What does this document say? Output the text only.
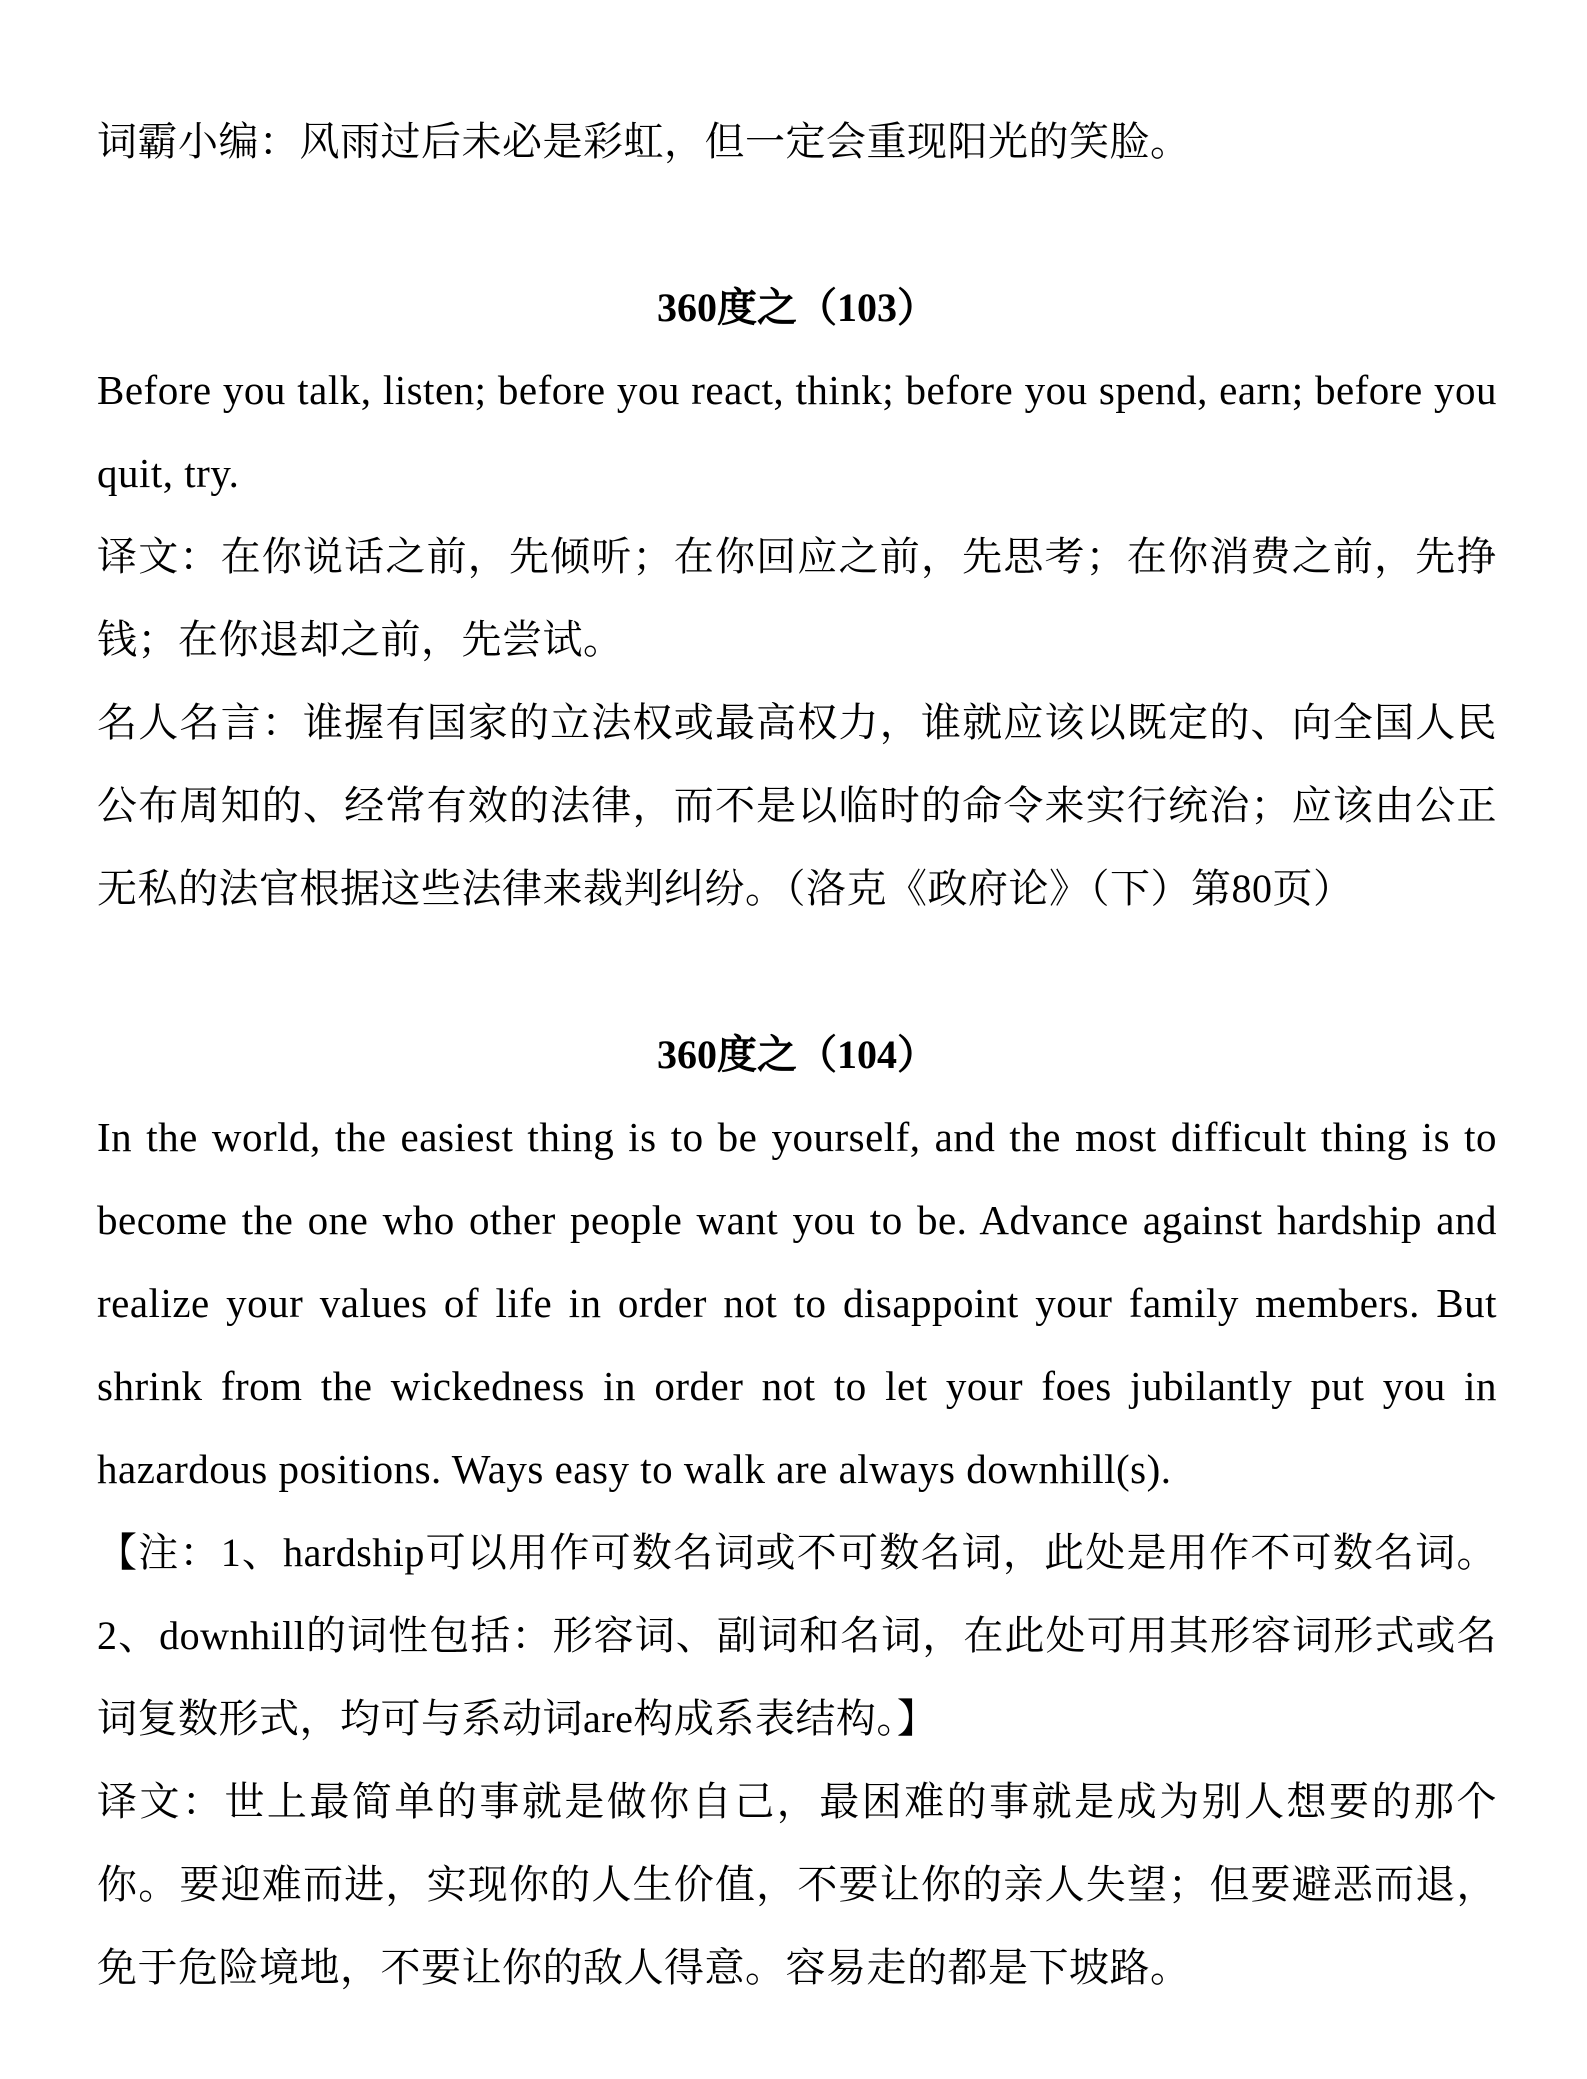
词霸小编：风雨过后未必是彩虹，但一定会重现阳光的笑脸。

360度之（103）

Before you talk, listen; before you react, think; before you spend, earn; before you quit, try.

译文：在你说话之前，先倾听；在你回应之前，先思考；在你消费之前，先挣钱；在你退却之前，先尝试。

名人名言：谁握有国家的立法权或最高权力，谁就应该以既定的、向全国人民公布周知的、经常有效的法律，而不是以临时的命令来实行统治；应该由公正无私的法官根据这些法律来裁判纠纷。（洛克《政府论》（下）第80页）

360度之（104）

In the world, the easiest thing is to be yourself, and the most difficult thing is to become the one who other people want you to be. Advance against hardship and realize your values of life in order not to disappoint your family members. But shrink from the wickedness in order not to let your foes jubilantly put you in hazardous positions. Ways easy to walk are always downhill(s).

【注：1、hardship可以用作可数名词或不可数名词，此处是用作不可数名词。2、downhill的词性包括：形容词、副词和名词，在此处可用其形容词形式或名词复数形式，均可与系动词are构成系表结构。】

译文：世上最简单的事就是做你自己，最困难的事就是成为别人想要的那个你。要迎难而进，实现你的人生价值，不要让你的亲人失望；但要避恶而退，免于危险境地，不要让你的敌人得意。容易走的都是下坡路。
